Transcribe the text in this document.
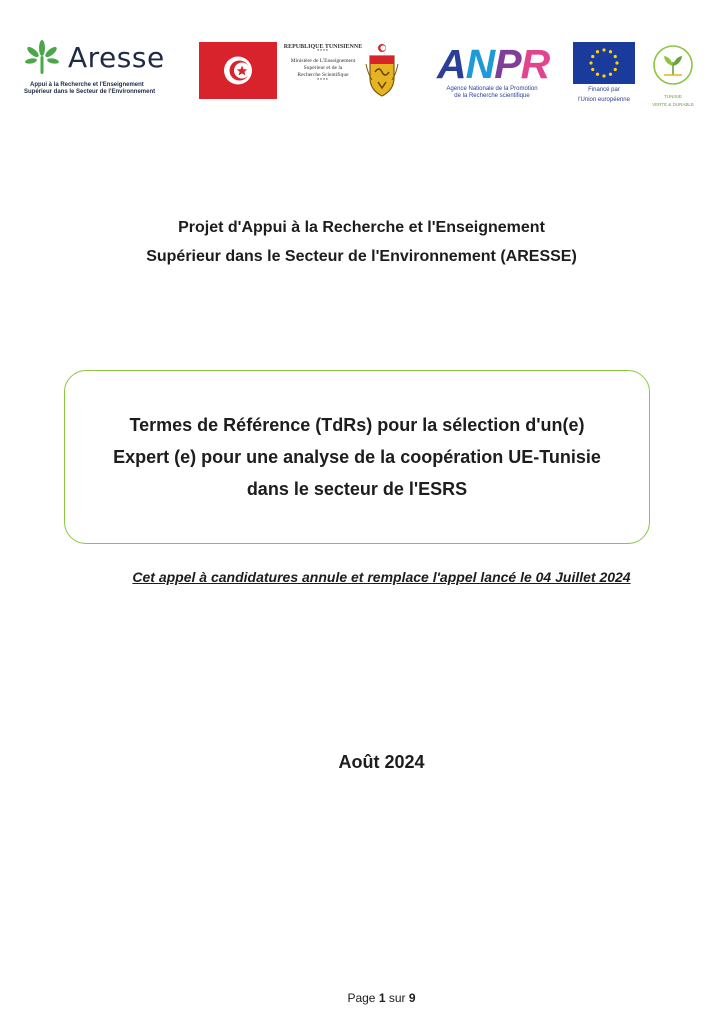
Aresse
Appui à la Recherche et l'Enseignement
Supérieur dans le Secteur de l'Environnement
REPUBLIQUE TUNISIENNE
****
Ministère de L'Enseignement
Supérieur et de la
Recherche Scientifique
****	ANPR
Agence Nationale de la Promotion
de la Recherche scientifique
Financé par
l'Union européenne
TUNISIE
VERTE & DURABLE
Projet d'Appui à la Recherche et l'Enseignement
Supérieur dans le Secteur de l'Environnement (ARESSE)
Termes de Référence (TdRs) pour la sélection d'un(e)
Expert (e) pour une analyse de la coopération UE-Tunisie
dans le secteur de l'ESRS
Cet appel à candidatures annule et remplace l'appel lancé le 04 Juillet 2024
Août 2024
Page 1 sur 9
